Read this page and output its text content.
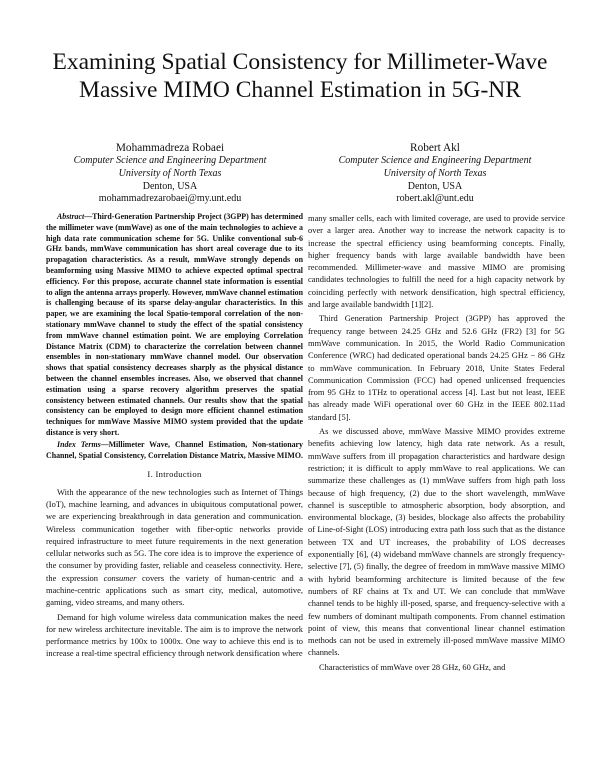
Examining Spatial Consistency for Millimeter-Wave
Massive MIMO Channel Estimation in 5G-NR
Mohammadreza Robaei
Computer Science and Engineering Department
University of North Texas
Denton, USA
mohammadrezarobaei@my.unt.edu
Robert Akl
Computer Science and Engineering Department
University of North Texas
Denton, USA
robert.akl@unt.edu

Abstract—Third-Generation Partnership Project (3GPP) has determined the millimeter wave (mmWave) as one of the main technologies to achieve a high data rate communication scheme for 5G. Unlike conventional sub-6 GHz bands, mmWave communication has short areal coverage due to its propagation characteristics. As a result, mmWave strongly depends on beamforming using Massive MIMO to achieve expected optimal spectral efficiency. For this propose, accurate channel state information is essential to align the antenna arrays properly. However, mmWave channel estimation is challenging because of its sparse delay-angular characteristics. In this paper, we are examining the local Spatio-temporal correlation of the non-stationary mmWave channel to study the effect of the spatial consistency from mmWave channel estimation point. We are employing Correlation Distance Matrix (CDM) to characterize the correlation between channel ensembles in non-stationary mmWave channel model. Our observation shows that spatial consistency decreases sharply as the physical distance between the channel ensembles increases. Also, we observed that channel estimation using a sparse recovery algorithm preserves the spatial consistency between estimated channels. Our results show that the spatial consistency can be employed to design more efficient channel estimation techniques for mmWave Massive MIMO system provided that the update distance is very short.

Index Terms—Millimeter Wave, Channel Estimation, Non-stationary Channel, Spatial Consistency, Correlation Distance Matrix, Massive MIMO.

I. Introduction

With the appearance of the new technologies such as Internet of Things (IoT), machine learning, and advances in ubiquitous computational power, we are experiencing breakthrough in data generation and communication. Wireless communication together with fiber-optic networks provide required infrastructure to meet future requirements in the next generation cellular networks such as 5G. The core idea is to improve the experience of the consumer by providing faster, reliable and ceaseless connectivity. Here, the expression consumer covers the variety of human-centric and a machine-centric applications such as smart city, medical, automotive, gaming, video streams, and many others.

Demand for high volume wireless data communication makes the need for new wireless architecture inevitable. The aim is to improve the network performance metrics by 100x to 1000x. One way to achieve this end is to increase a real-time spectral efficiency through network densification where

many smaller cells, each with limited coverage, are used to provide service over a larger area. Another way to increase the network capacity is to increase the spectral efficiency using beamforming concepts. Finally, higher frequency bands with large available bandwidth have been recommended. Millimeter-wave and massive MIMO are promising candidates technologies to fulfill the need for a high capacity network by coinciding perfectly with network densification, high spectral efficiency, and large available bandwidth [1][2].

Third Generation Partnership Project (3GPP) has approved the frequency range between 24.25 GHz and 52.6 GHz (FR2) [3] for 5G mmWave communication. In 2015, the World Radio Communication Conference (WRC) had dedicated operational bands 24.25 GHz − 86 GHz to mmWave communication. In February 2018, Unite States Federal Communication Commission (FCC) had opened unlicensed frequencies from 95 GHz to 1THz to operational access [4]. Last but not least, IEEE has already made WiFi operational over 60 GHz in the IEEE 802.11ad standard [5].

As we discussed above, mmWave Massive MIMO provides extreme benefits achieving low latency, high data rate network. As a result, mmWave suffers from ill propagation characteristics and hardware design restriction; it is difficult to apply mmWave to real applications. We can summarize these challenges as (1) mmWave suffers from high path loss because of high frequency, (2) due to the short wavelength, mmWave channel is susceptible to atmospheric absorption, body absorption, and environmental blockage, (3) besides, blockage also affects the probability of Line-of-Sight (LOS) introducing extra path loss such that as the distance between TX and UT increases, the probability of LOS decreases exponentially [6], (4) wideband mmWave channels are strongly frequency-selective [7], (5) finally, the degree of freedom in mmWave massive MIMO with hybrid beamforming architecture is limited because of the few numbers of RF chains at Tx and UT. We can conclude that mmWave channel tends to be highly ill-posed, sparse, and frequency-selective with a few numbers of dominant multipath components. From channel estimation point of view, this means that conventional linear channel estimation methods can not be used in extremely ill-posed mmWave massive MIMO channels.

Characteristics of mmWave over 28 GHz, 60 GHz, and
